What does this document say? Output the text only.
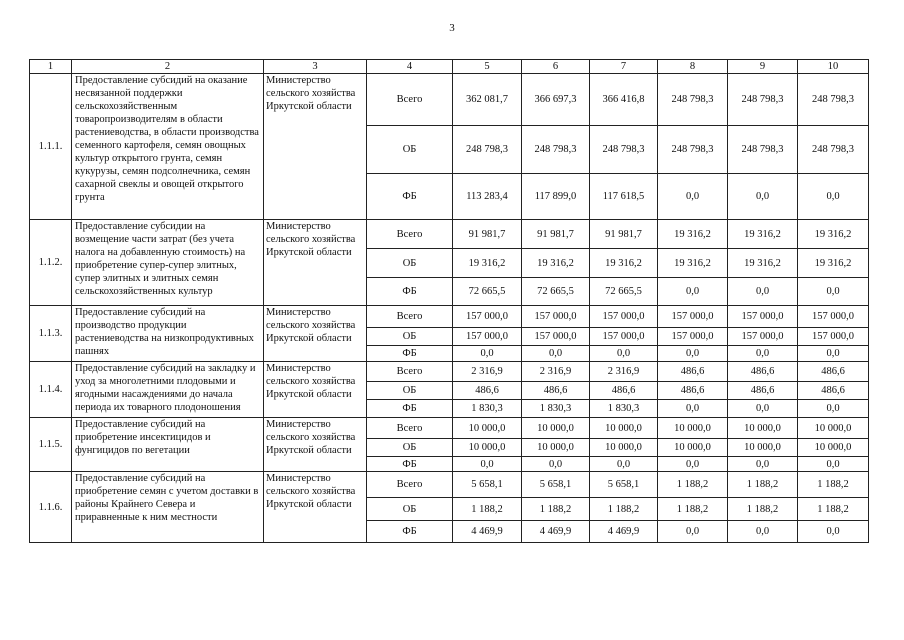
3
1	2	3	4	5	6	7	8	9	10
1.1.1.	Предоставление субсидий на оказание несвязанной поддержки сельскохозяйственным товаропроизводителям в области растениеводства, в области производства семенного картофеля, семян овощных культур открытого грунта, семян кукурузы, семян подсолнечника, семян сахарной свеклы и овощей открытого грунта	Министерство сельского хозяйства Иркутской области	Всего	362 081,7	366 697,3	366 416,8	248 798,3	248 798,3	248 798,3
			ОБ	248 798,3	248 798,3	248 798,3	248 798,3	248 798,3	248 798,3
			ФБ	113 283,4	117 899,0	117 618,5	0,0	0,0	0,0
1.1.2.	Предоставление субсидии на возмещение части затрат (без учета налога на добавленную стоимость) на приобретение супер-супер элитных, супер элитных и элитных семян сельскохозяйственных культур	Министерство сельского хозяйства Иркутской области	Всего	91 981,7	91 981,7	91 981,7	19 316,2	19 316,2	19 316,2
			ОБ	19 316,2	19 316,2	19 316,2	19 316,2	19 316,2	19 316,2
			ФБ	72 665,5	72 665,5	72 665,5	0,0	0,0	0,0
1.1.3.	Предоставление субсидий на производство продукции растениеводства на низкопродуктивных пашнях	Министерство сельского хозяйства Иркутской области	Всего	157 000,0	157 000,0	157 000,0	157 000,0	157 000,0	157 000,0
			ОБ	157 000,0	157 000,0	157 000,0	157 000,0	157 000,0	157 000,0
			ФБ	0,0	0,0	0,0	0,0	0,0	0,0
1.1.4.	Предоставление субсидий на закладку и уход за многолетними плодовыми и ягодными насаждениями до начала периода их товарного плодоношения	Министерство сельского хозяйства Иркутской области	Всего	2 316,9	2 316,9	2 316,9	486,6	486,6	486,6
			ОБ	486,6	486,6	486,6	486,6	486,6	486,6
			ФБ	1 830,3	1 830,3	1 830,3	0,0	0,0	0,0
1.1.5.	Предоставление субсидий на приобретение инсектицидов и фунгицидов по вегетации	Министерство сельского хозяйства Иркутской области	Всего	10 000,0	10 000,0	10 000,0	10 000,0	10 000,0	10 000,0
			ОБ	10 000,0	10 000,0	10 000,0	10 000,0	10 000,0	10 000,0
			ФБ	0,0	0,0	0,0	0,0	0,0	0,0
1.1.6.	Предоставление субсидий на приобретение семян с учетом доставки в районы Крайнего Севера и приравненные к ним местности	Министерство сельского хозяйства Иркутской области	Всего	5 658,1	5 658,1	5 658,1	1 188,2	1 188,2	1 188,2
			ОБ	1 188,2	1 188,2	1 188,2	1 188,2	1 188,2	1 188,2
			ФБ	4 469,9	4 469,9	4 469,9	0,0	0,0	0,0
